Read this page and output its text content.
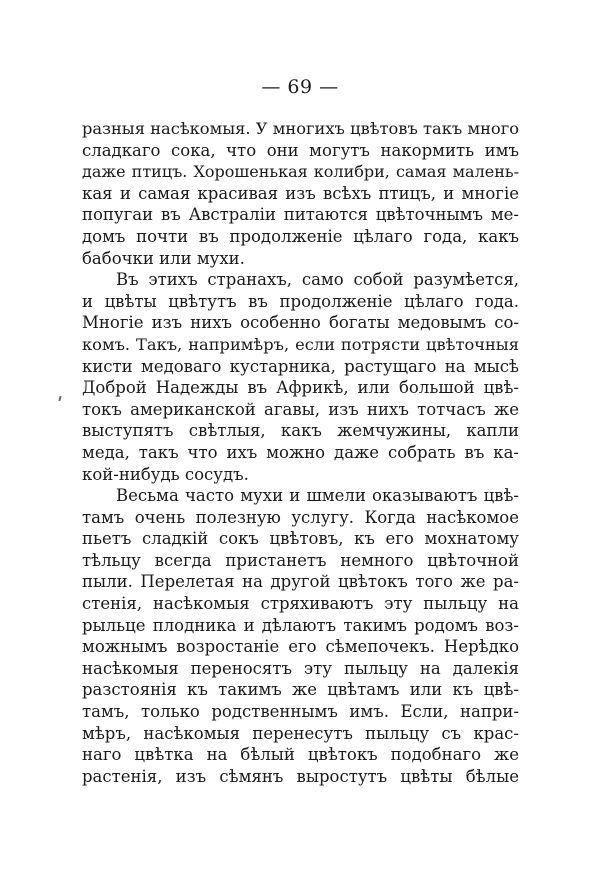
— 69 —
разныя насѣкомыя. У многихъ цвѣтовъ такъ много
сладкаго сока, что они могутъ накормить имъ
даже птицъ. Хорошенькая колибри, самая малень-
кая и самая красивая изъ всѣхъ птицъ, и многіе
попугаи въ Австраліи питаются цвѣточнымъ ме-
домъ почти въ продолженіе цѣлаго года, какъ
бабочки или мухи.
Въ этихъ странахъ, само собой разумѣется,
и цвѣты цвѣтутъ въ продолженіе цѣлаго года.
Многіе изъ нихъ особенно богаты медовымъ со-
комъ. Такъ, напримѣръ, если потрясти цвѣточныя
кисти медоваго кустарника, растущаго на мысѣ
Доброй Надежды въ Африкѣ, или большой цвѣ-
токъ американской агавы, изъ нихъ тотчасъ же
выступятъ свѣтлыя, какъ жемчужины, капли
меда, такъ что ихъ можно даже собрать въ ка-
кой-нибудь сосудъ.
Весьма часто мухи и шмели оказываютъ цвѣ-
тамъ очень полезную услугу. Когда насѣкомое
пьетъ сладкій сокъ цвѣтовъ, къ его мохнатому
тѣльцу всегда пристанетъ немного цвѣточной
пыли. Перелетая на другой цвѣтокъ того же ра-
стенія, насѣкомыя стряхиваютъ эту пыльцу на
рыльце плодника и дѣлаютъ такимъ родомъ воз-
можнымъ возростаніе его сѣмепочекъ. Нерѣдко
насѣкомыя переносятъ эту пыльцу на далекія
разстоянія къ такимъ же цвѣтамъ или къ цвѣ-
тамъ, только родственнымъ имъ. Если, напри-
мѣръ, насѣкомыя перенесутъ пыльцу съ крас-
наго цвѣтка на бѣлый цвѣтокъ подобнаго же
растенія, изъ сѣмянъ выростутъ цвѣты бѣлые
